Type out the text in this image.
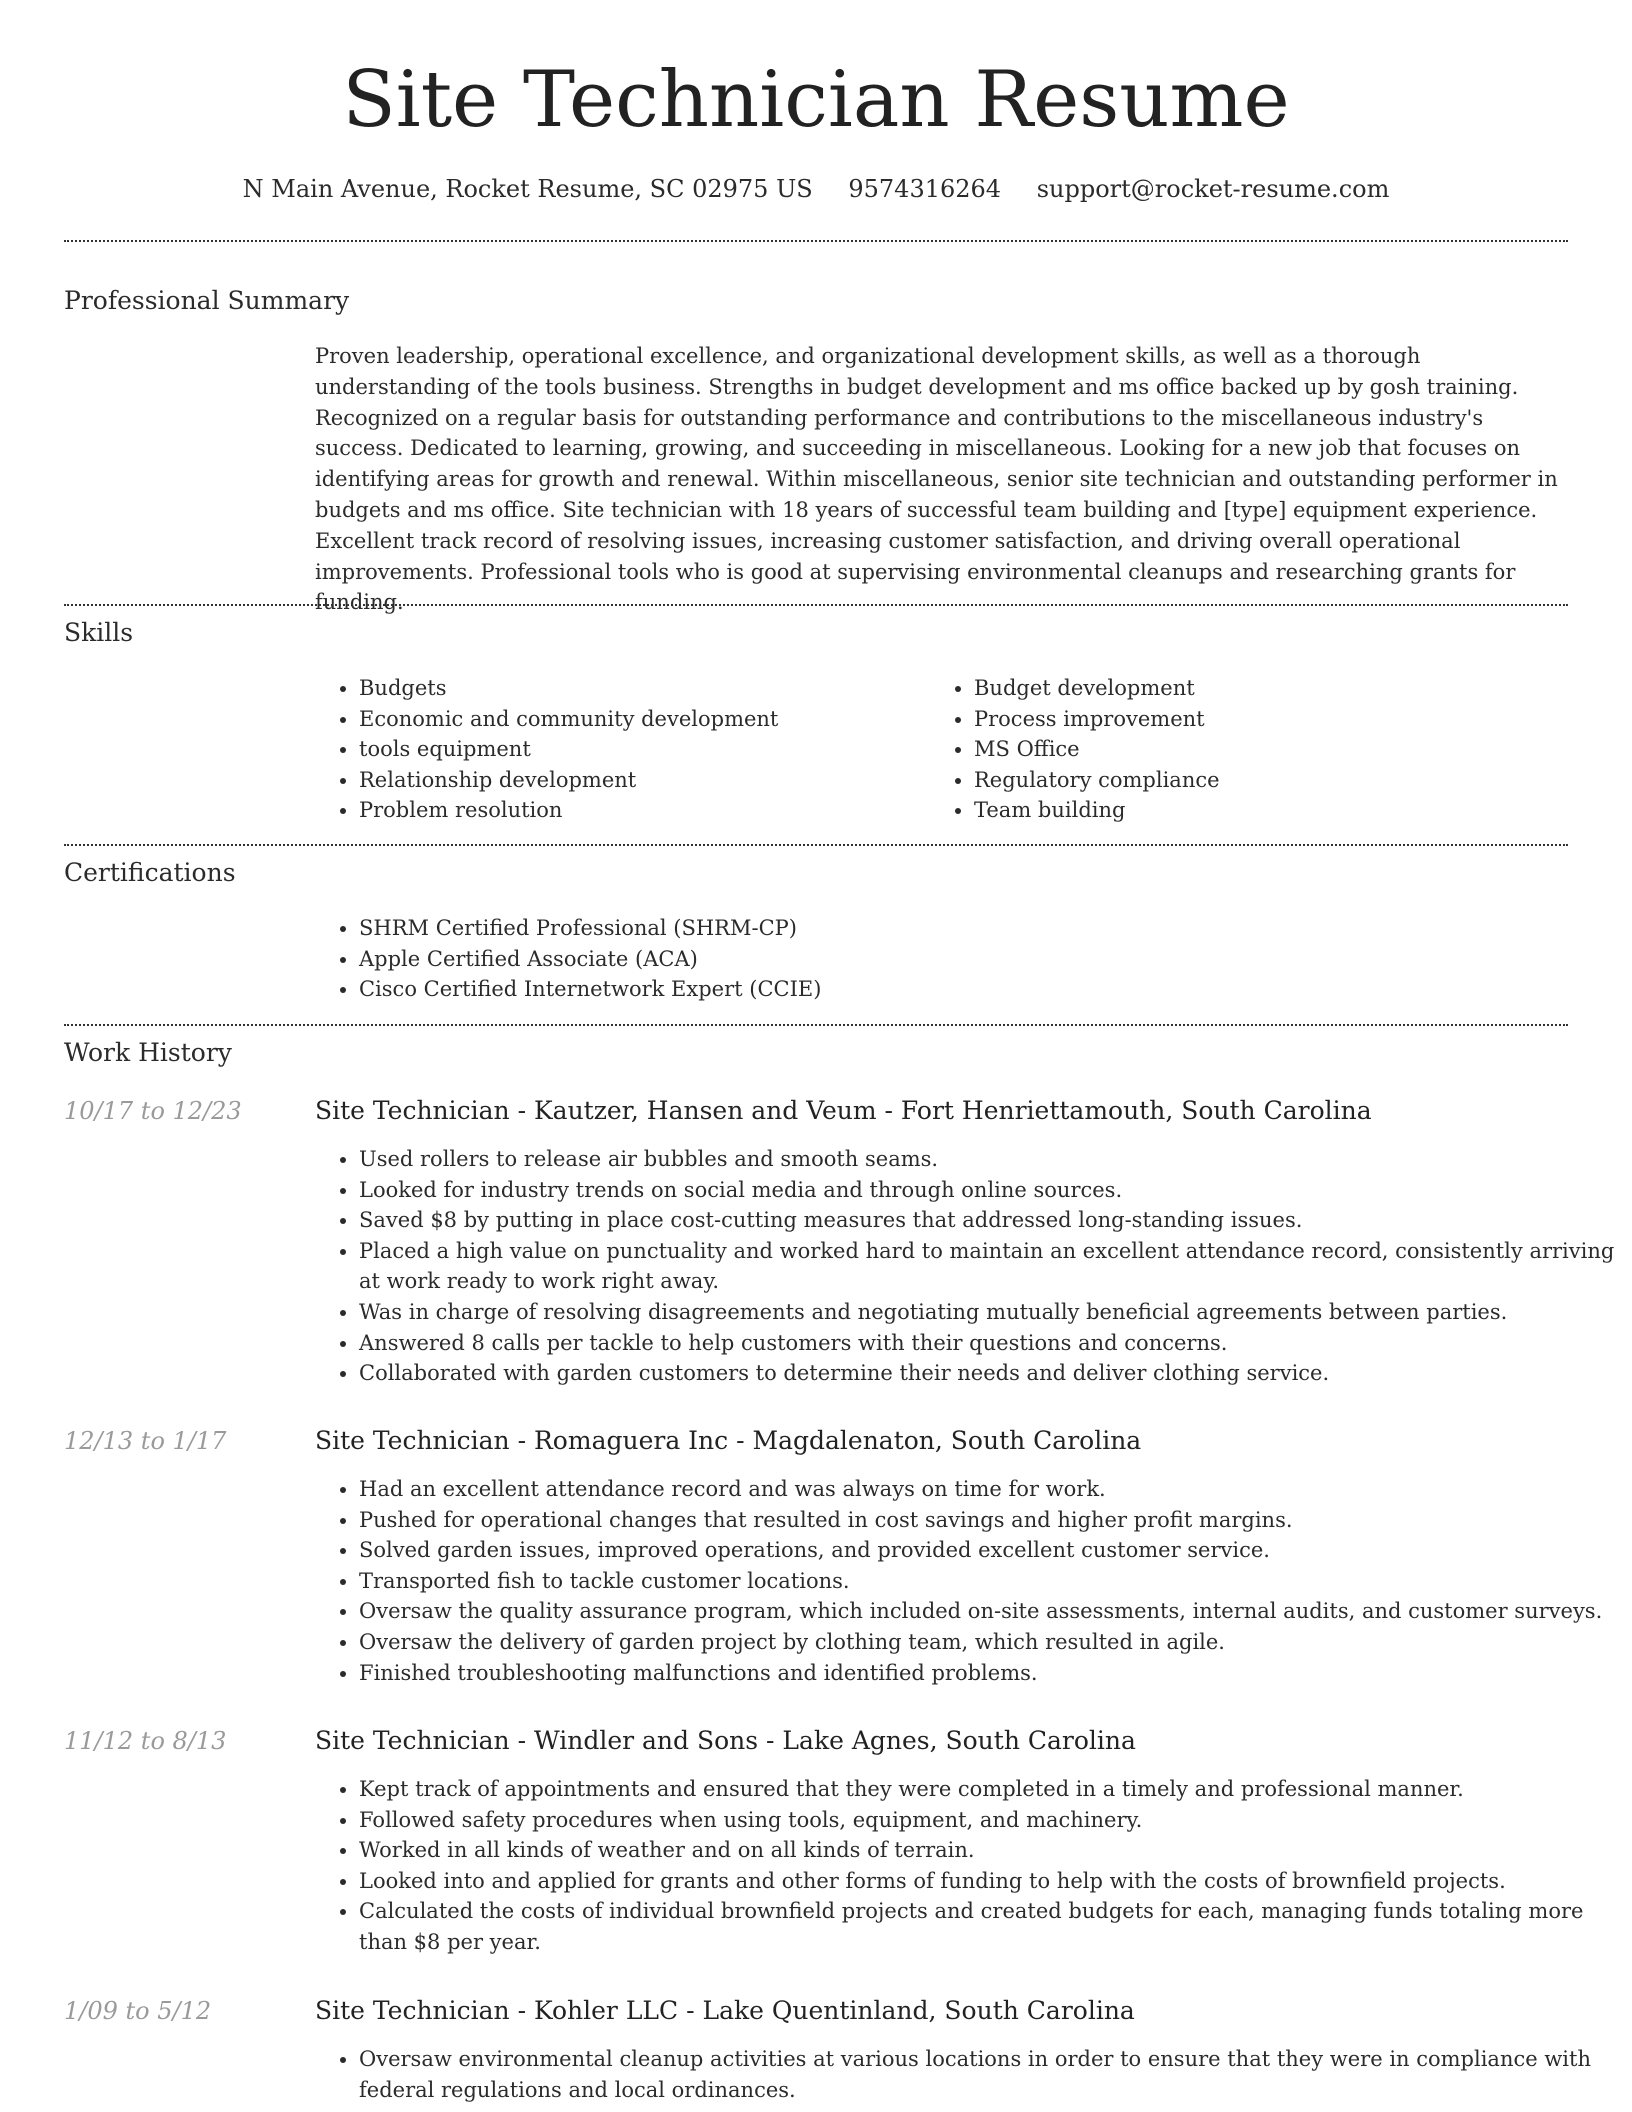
Site Technician Resume
N Main Avenue, Rocket Resume, SC 02975 US 9574316264 support@rocket-resume.com
Professional Summary

Proven leadership, operational excellence, and organizational development skills, as well as a thorough understanding of the tools business. Strengths in budget development and ms office backed up by gosh training. Recognized on a regular basis for outstanding performance and contributions to the miscellaneous industry's success. Dedicated to learning, growing, and succeeding in miscellaneous. Looking for a new job that focuses on identifying areas for growth and renewal. Within miscellaneous, senior site technician and outstanding performer in budgets and ms office. Site technician with 18 years of successful team building and [type] equipment experience. Excellent track record of resolving issues, increasing customer satisfaction, and driving overall operational improvements. Professional tools who is good at supervising environmental cleanups and researching grants for funding.

Skills
• Budgets
• Economic and community development
• tools equipment
• Relationship development
• Problem resolution
• Budget development
• Process improvement
• MS Office
• Regulatory compliance
• Team building
Certifications
• SHRM Certified Professional (SHRM-CP)
• Apple Certified Associate (ACA)
• Cisco Certified Internetwork Expert (CCIE)
Work History
10/17 to 12/23	Site Technician - Kautzer, Hansen and Veum - Fort Henriettamouth, South Carolina
• Used rollers to release air bubbles and smooth seams.
• Looked for industry trends on social media and through online sources.
• Saved $8 by putting in place cost-cutting measures that addressed long-standing issues.
• Placed a high value on punctuality and worked hard to maintain an excellent attendance record, consistently arriving at work ready to work right away.
• Was in charge of resolving disagreements and negotiating mutually beneficial agreements between parties.
• Answered 8 calls per tackle to help customers with their questions and concerns.
• Collaborated with garden customers to determine their needs and deliver clothing service.
12/13 to 1/17	Site Technician - Romaguera Inc - Magdalenaton, South Carolina
• Had an excellent attendance record and was always on time for work.
• Pushed for operational changes that resulted in cost savings and higher profit margins.
• Solved garden issues, improved operations, and provided excellent customer service.
• Transported fish to tackle customer locations.
• Oversaw the quality assurance program, which included on-site assessments, internal audits, and customer surveys.
• Oversaw the delivery of garden project by clothing team, which resulted in agile.
• Finished troubleshooting malfunctions and identified problems.
11/12 to 8/13	Site Technician - Windler and Sons - Lake Agnes, South Carolina
• Kept track of appointments and ensured that they were completed in a timely and professional manner.
• Followed safety procedures when using tools, equipment, and machinery.
• Worked in all kinds of weather and on all kinds of terrain.
• Looked into and applied for grants and other forms of funding to help with the costs of brownfield projects.
• Calculated the costs of individual brownfield projects and created budgets for each, managing funds totaling more than $8 per year.
1/09 to 5/12	Site Technician - Kohler LLC - Lake Quentinland, South Carolina
• Oversaw environmental cleanup activities at various locations in order to ensure that they were in compliance with federal regulations and local ordinances.
